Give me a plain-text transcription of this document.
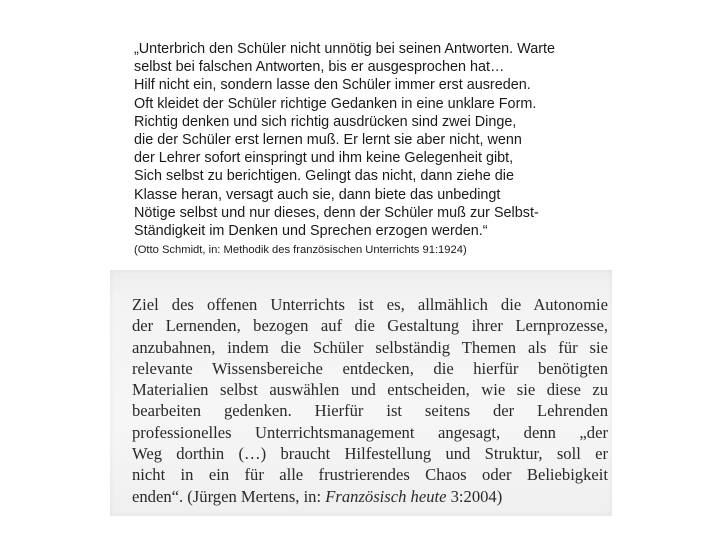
„Unterbrich den Schüler nicht unnötig bei seinen Antworten. Warte
selbst bei falschen Antworten, bis er ausgesprochen hat…
Hilf nicht ein, sondern lasse den Schüler immer erst ausreden.
Oft kleidet der Schüler richtige Gedanken in eine unklare Form.
Richtig denken und sich richtig ausdrücken sind zwei Dinge,
die der Schüler erst lernen muß. Er lernt sie aber nicht, wenn
der Lehrer sofort einspringt und ihm keine Gelegenheit gibt,
Sich selbst zu berichtigen. Gelingt das nicht, dann ziehe die
Klasse heran, versagt auch sie, dann biete das unbedingt
Nötige selbst und nur dieses, denn der Schüler muß zur Selbst-
Ständigkeit im Denken und Sprechen erzogen werden.“
(Otto Schmidt, in: Methodik des französischen Unterrichts 91:1924)
Ziel des offenen Unterrichts ist es, allmählich die Autonomie
der Lernenden, bezogen auf die Gestaltung ihrer Lernprozesse,
anzubahnen, indem die Schüler selbständig Themen als für sie
relevante Wissensbereiche entdecken, die hierfür benötigten
Materialien selbst auswählen und entscheiden, wie sie diese zu
bearbeiten gedenken. Hierfür ist seitens der Lehrenden
professionelles Unterrichtsmanagement angesagt, denn „der
Weg dorthin (…) braucht Hilfestellung und Struktur, soll er
nicht in ein für alle frustrierendes Chaos oder Beliebigkeit
enden“. (Jürgen Mertens, in: Französisch heute 3:2004)
